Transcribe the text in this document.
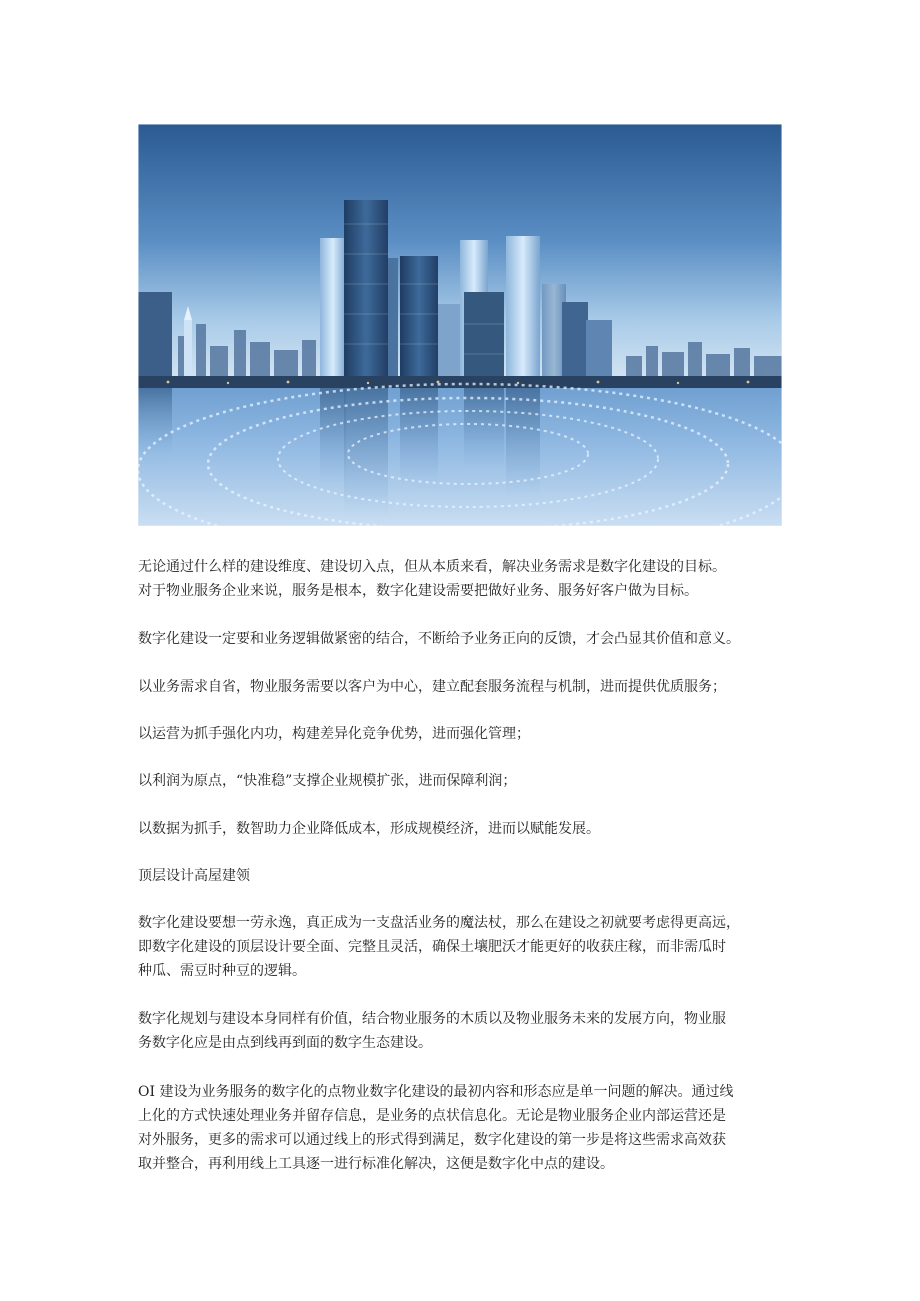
无论通过什么样的建设维度、建设切入点，但从本质来看，解决业务需求是数字化建设的目标。
对于物业服务企业来说，服务是根本，数字化建设需要把做好业务、服务好客户做为目标。
数字化建设一定要和业务逻辑做紧密的结合，不断给予业务正向的反馈，才会凸显其价值和意义。
以业务需求自省，物业服务需要以客户为中心，建立配套服务流程与机制，进而提供优质服务；
以运营为抓手强化内功，构建差异化竞争优势，进而强化管理；
以利润为原点，“快准稳”支撑企业规模扩张，进而保障利润；
以数据为抓手，数智助力企业降低成本，形成规模经济，进而以赋能发展。
顶层设计高屋建领
数字化建设要想一劳永逸，真正成为一支盘活业务的魔法杖，那么在建设之初就要考虑得更高远，
即数字化建设的顶层设计要全面、完整且灵活，确保土壤肥沃才能更好的收获庄稼，而非需瓜时
种瓜、需豆时种豆的逻辑。
数字化规划与建设本身同样有价值，结合物业服务的木质以及物业服务未来的发展方向，物业服
务数字化应是由点到线再到面的数字生态建设。
OI 建设为业务服务的数字化的点物业数字化建设的最初内容和形态应是单一问题的解决。通过线
上化的方式快速处理业务并留存信息，是业务的点状信息化。无论是物业服务企业内部运营还是
对外服务，更多的需求可以通过线上的形式得到满足，数字化建设的第一步是将这些需求高效获
取并整合，再利用线上工具逐一进行标准化解决，这便是数字化中点的建设。
